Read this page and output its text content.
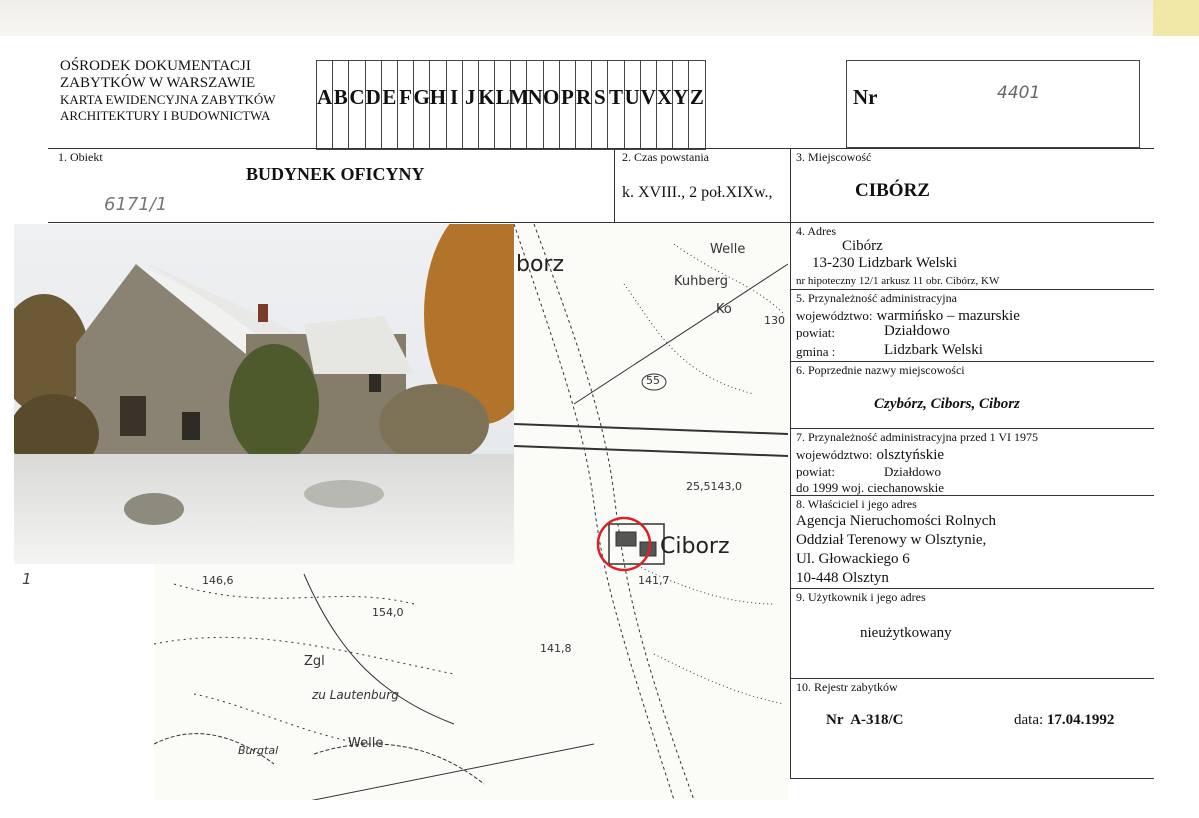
OŚRODEK DOKUMENTACJI
ZABYTKÓW W WARSZAWIE
KARTA EWIDENCYJNA ZABYTKÓW
ARCHITEKTURY I BUDOWNICTWA
A B C D E F G H I J K L M
N O P R S T U V X Y Z	Nr	4401
1. Obiekt
BUDYNEK OFICYNY
2. Czas powstania
k. XVIII., 2 poł.XIXw.,
3. Miejscowość
CIBÓRZ
6171/1
1
4. Adres
Cibórz
13-230 Lidzbark Welski
nr hipoteczny 12/1 arkusz 11 obr. Cibórz, KW
5. Przynależność administracyjna
województwo: warmińsko – mazurskie
powiat:	Działdowo
gmina :	Lidzbark Welski
6. Poprzednie nazwy miejscowości
Czybórz, Cibors, Ciborz
7. Przynależność administracyjna przed 1 VI 1975
województwo: olsztyńskie
powiat:	Działdowo
do 1999 woj. ciechanowskie
8. Właściciel i jego adres
Agencja Nieruchomości Rolnych
Oddział Terenowy w Olsztynie,
Ul. Głowackiego 6
10-448 Olsztyn
9. Użytkownik i jego adres
nieużytkowany
10. Rejestr zabytków
Nr A-318/C	data: 17.04.1992
Ciborz
borz
Welle
Welle
zu Lautenburg
Zgl
55
146,6
154,0
141,8
25,5143,0
141,7
Burgtal
Kuhberg
Ko
130
